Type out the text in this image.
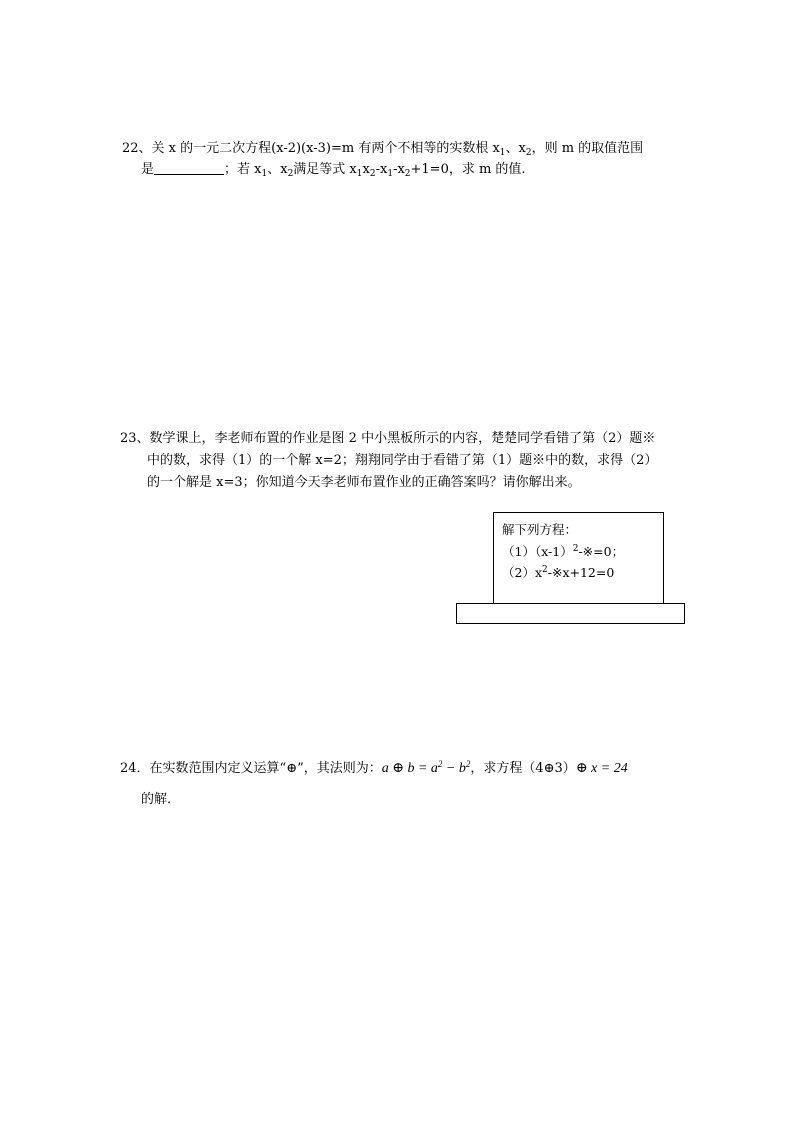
22、关 x 的一元二次方程(x-2)(x-3)=m 有两个不相等的实数根 $x_1$、$x_2$，则 m 的取值范围
是	；若 $x_1$、$x_2$满足等式 $x_1x_2-x_1-x_2+1=0$，求 m 的值.
23、数学课上，李老师布置的作业是图 2 中小黑板所示的内容，楚楚同学看错了第（2）题※
中的数，求得（1）的一个解 x=2；翔翔同学由于看错了第（1）题※中的数，求得（2）
的一个解是 x=3；你知道今天李老师布置作业的正确答案吗？请你解出来。
解下列方程：
$(1)(x-1)^2-※=0$；
$(2)x^2-※x+12=0$
24．在实数范围内定义运算“⊕”，其法则为：a ⊕ $b = a^2 - b^2$，求方程（4⊕3）⊕ x = 24
的解．
